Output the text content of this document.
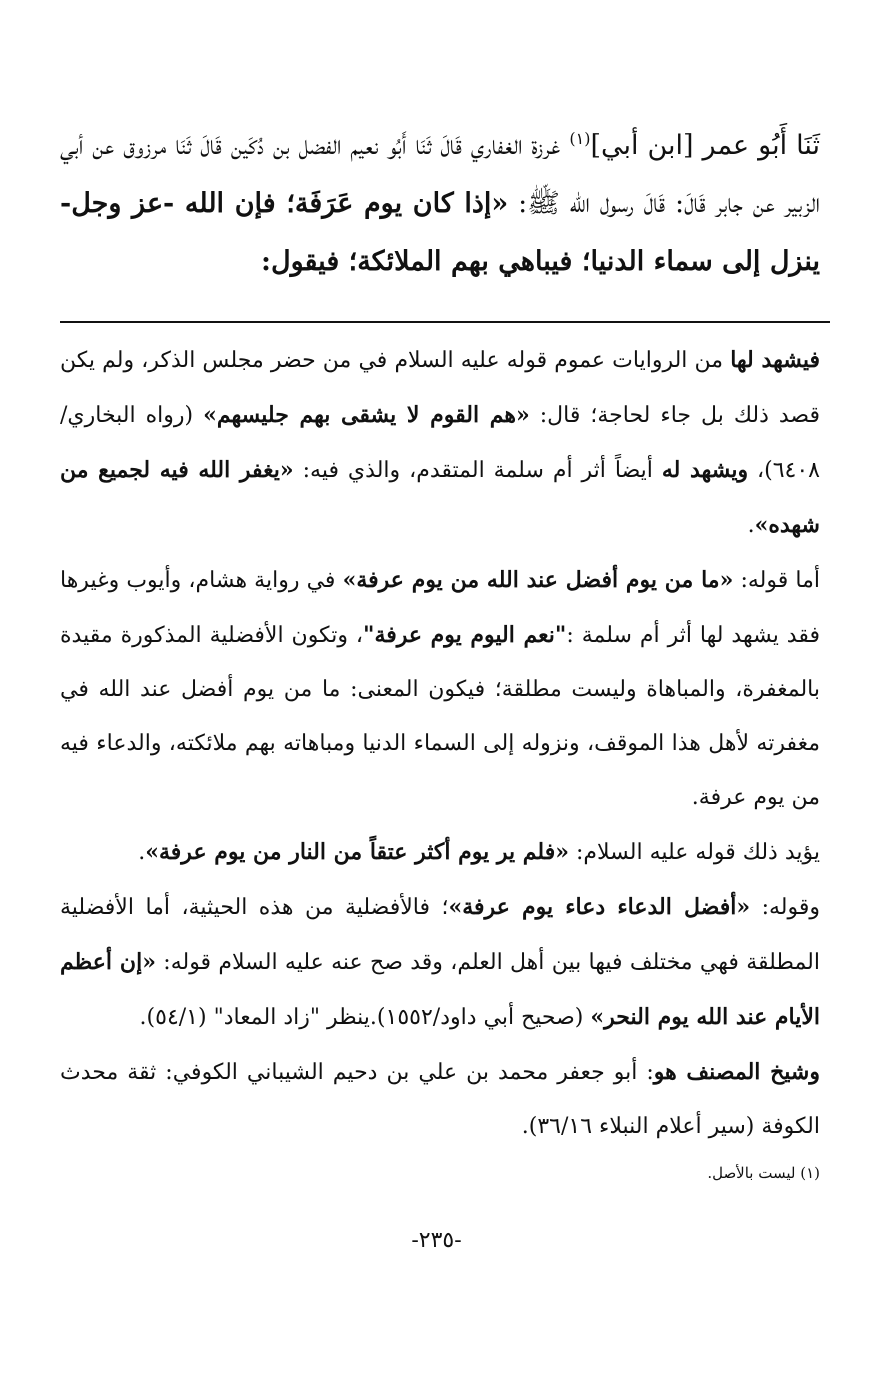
ثَنَا أَبُو عمر [ابن أبي]$^{(١)}$ غرزة الغفاري قَالَ ثَنَا أَبُو نعيم الفضل بن دُكَين قَالَ ثَنَا مرزوق عن أبي الزبير عن جابر قَالَ: قَالَ رسول الله ﷺ: «إذا كان يوم عَرَفَة؛ فإن الله -عز وجل- ينزل إلى سماء الدنيا؛ فيباهي بهم الملائكة؛ فيقول:

فيشهد لها من الروايات عموم قوله عليه السلام في من حضر مجلس الذكر، ولم يكن قصد ذلك بل جاء لحاجة؛ قال: «هم القوم لا يشقى بهم جليسهم» (رواه البخاري/٦٤٠٨)، ويشهد له أيضاً أثر أم سلمة المتقدم، والذي فيه: «يغفر الله فيه لجميع من شهده».

أما قوله: «ما من يوم أفضل عند الله من يوم عرفة» في رواية هشام، وأيوب وغيرها فقد يشهد لها أثر أم سلمة :"نعم اليوم يوم عرفة"، وتكون الأفضلية المذكورة مقيدة بالمغفرة، والمباهاة وليست مطلقة؛ فيكون المعنى: ما من يوم أفضل عند الله في مغفرته لأهل هذا الموقف، ونزوله إلى السماء الدنيا ومباهاته بهم ملائكته، والدعاء فيه من يوم عرفة.

يؤيد ذلك قوله عليه السلام: «فلم ير يوم أكثر عتقاً من النار من يوم عرفة».

وقوله: «أفضل الدعاء دعاء يوم عرفة»؛ فالأفضلية من هذه الحيثية، أما الأفضلية المطلقة فهي مختلف فيها بين أهل العلم، وقد صح عنه عليه السلام قوله: «إن أعظم الأيام عند الله يوم النحر» (صحيح أبي داود/١٥٥٢).ينظر "زاد المعاد" (٥٤/١).

وشيخ المصنف هو: أبو جعفر محمد بن علي بن دحيم الشيباني الكوفي: ثقة محدث الكوفة (سير أعلام النبلاء ٣٦/١٦).

(١) ليست بالأصل.
-٢٣٥-
